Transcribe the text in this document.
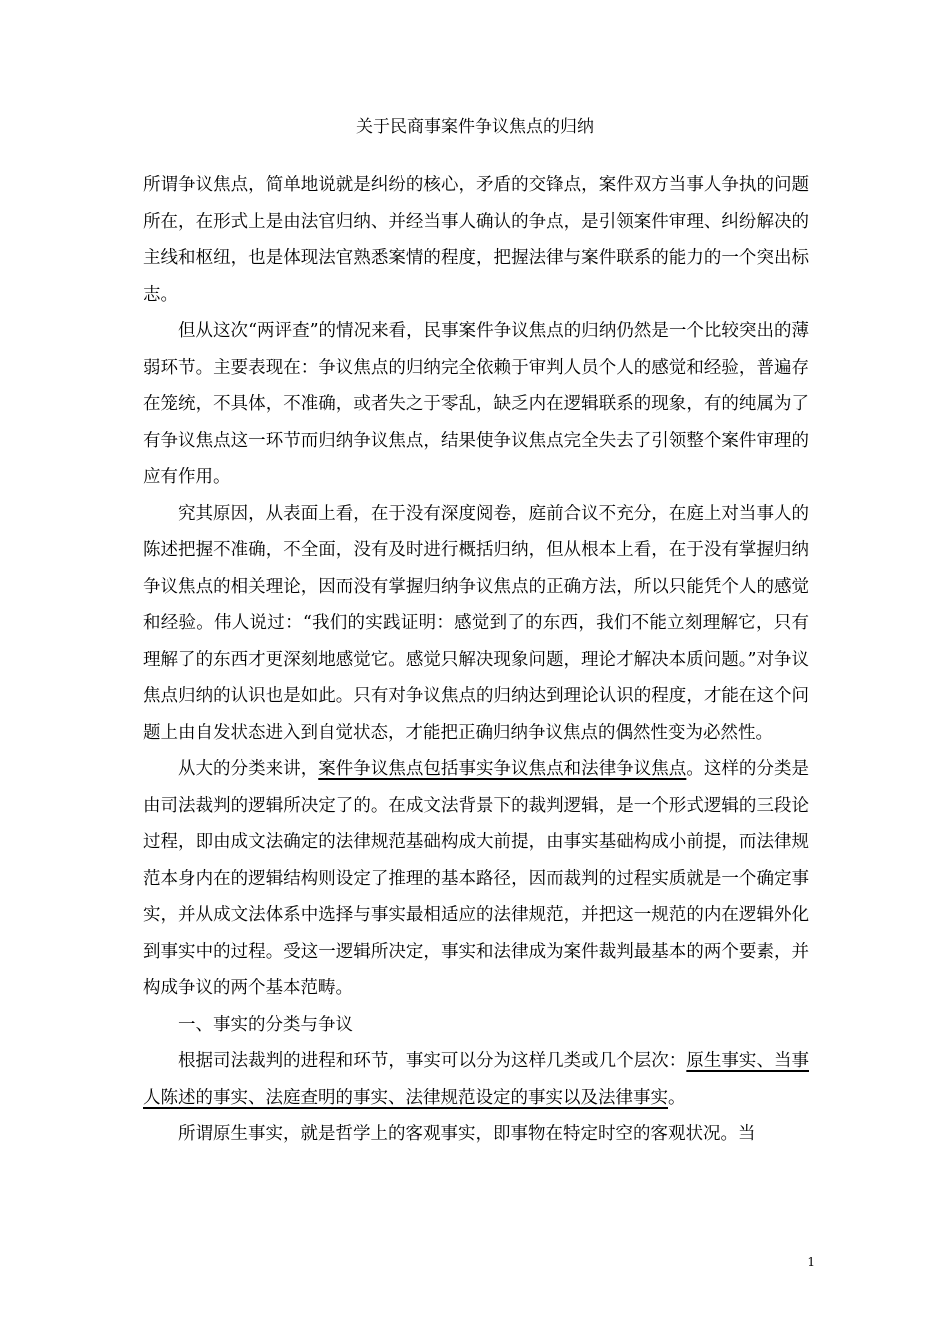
关于民商事案件争议焦点的归纳

所谓争议焦点，简单地说就是纠纷的核心，矛盾的交锋点，案件双方当事人争执的问题所在，在形式上是由法官归纳、并经当事人确认的争点，是引领案件审理、纠纷解决的主线和枢纽，也是体现法官熟悉案情的程度，把握法律与案件联系的能力的一个突出标志。

但从这次“两评查”的情况来看，民事案件争议焦点的归纳仍然是一个比较突出的薄弱环节。主要表现在：争议焦点的归纳完全依赖于审判人员个人的感觉和经验，普遍存在笼统，不具体，不准确，或者失之于零乱，缺乏内在逻辑联系的现象，有的纯属为了有争议焦点这一环节而归纳争议焦点，结果使争议焦点完全失去了引领整个案件审理的应有作用。

究其原因，从表面上看，在于没有深度阅卷，庭前合议不充分，在庭上对当事人的陈述把握不准确，不全面，没有及时进行概括归纳，但从根本上看，在于没有掌握归纳争议焦点的相关理论，因而没有掌握归纳争议焦点的正确方法，所以只能凭个人的感觉和经验。伟人说过：“我们的实践证明：感觉到了的东西，我们不能立刻理解它，只有理解了的东西才更深刻地感觉它。感觉只解决现象问题，理论才解决本质问题。”对争议焦点归纳的认识也是如此。只有对争议焦点的归纳达到理论认识的程度，才能在这个问题上由自发状态进入到自觉状态，才能把正确归纳争议焦点的偶然性变为必然性。

从大的分类来讲，案件争议焦点包括事实争议焦点和法律争议焦点。这样的分类是由司法裁判的逻辑所决定了的。在成文法背景下的裁判逻辑，是一个形式逻辑的三段论过程，即由成文法确定的法律规范基础构成大前提，由事实基础构成小前提，而法律规范本身内在的逻辑结构则设定了推理的基本路径，因而裁判的过程实质就是一个确定事实，并从成文法体系中选择与事实最相适应的法律规范，并把这一规范的内在逻辑外化到事实中的过程。受这一逻辑所决定，事实和法律成为案件裁判最基本的两个要素，并构成争议的两个基本范畴。

一、事实的分类与争议

根据司法裁判的进程和环节，事实可以分为这样几类或几个层次：原生事实、当事人陈述的事实、法庭查明的事实、法律规范设定的事实以及法律事实。

所谓原生事实，就是哲学上的客观事实，即事物在特定时空的客观状况。当

1
